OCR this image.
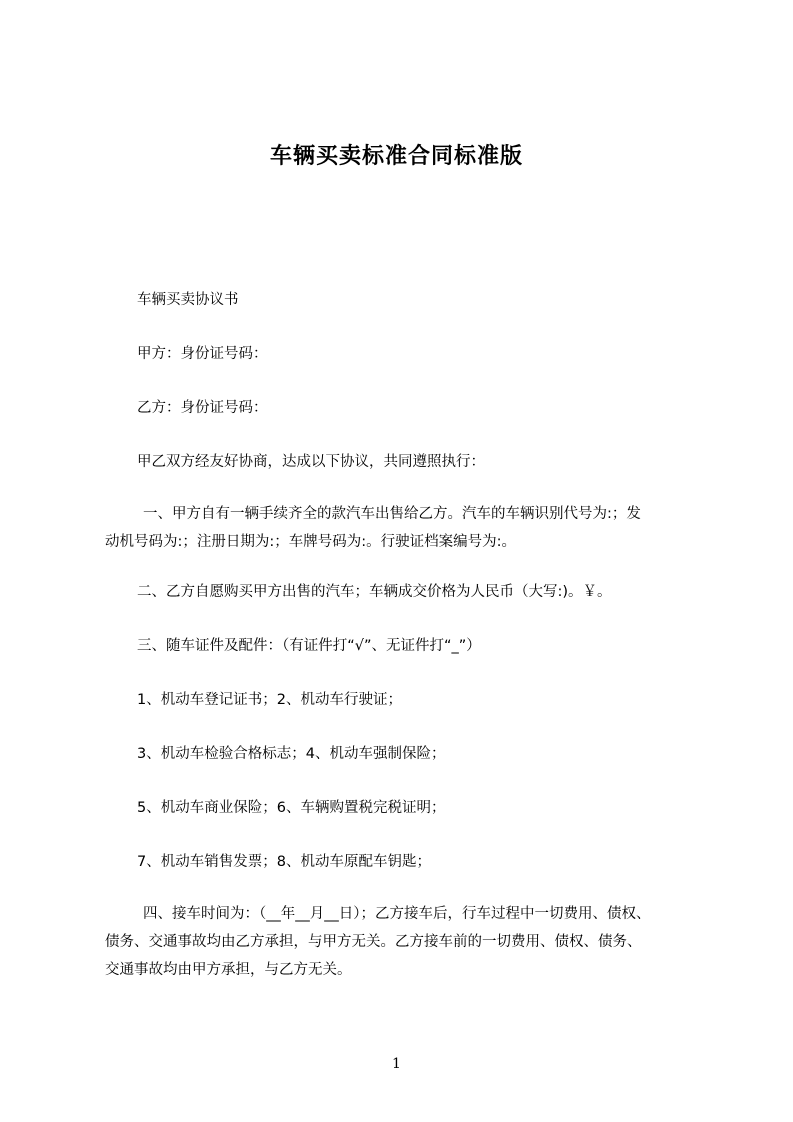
车辆买卖标准合同标准版
车辆买卖协议书
甲方：身份证号码：
乙方：身份证号码：
甲乙双方经友好协商，达成以下协议，共同遵照执行：
一、甲方自有一辆手续齐全的款汽车出售给乙方。汽车的车辆识别代号为:；发
动机号码为:；注册日期为:；车牌号码为:。行驶证档案编号为:。
二、乙方自愿购买甲方出售的汽车；车辆成交价格为人民币（大写:)。￥。
三、随车证件及配件：（有证件打“√”、无证件打“_”）
1、机动车登记证书；2、机动车行驶证；
3、机动车检验合格标志；4、机动车强制保险；
5、机动车商业保险；6、车辆购置税完税证明；
7、机动车销售发票；8、机动车原配车钥匙；
四、接车时间为：（__年__月__日）；乙方接车后，行车过程中一切费用、债权、
债务、交通事故均由乙方承担，与甲方无关。乙方接车前的一切费用、债权、债务、
交通事故均由甲方承担，与乙方无关。
1
